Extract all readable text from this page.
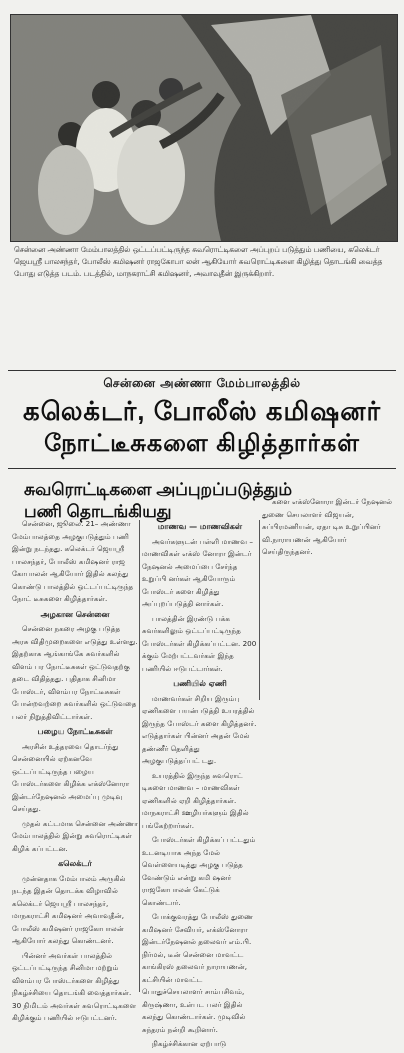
சென்னை அண்ணா மேம்பாலத்தில் ஒட்டப்பட்டிருந்த சுவரொட்டிகளை அப்புறப் படுத்தும் பணியை, கலெக்டர் ஜெயஸ்ரீ பாலசந்தர், போலீஸ் கமிஷனர் ராஜகோபா லன் ஆகியோர் சுவரொட்டிகளை கிழித்து தொடங்கி வைத்த போது எடுத்த படம். படத்தில், மாநகராட்சி கமிஷனர், அவாவுதீன் இருக்கிறார்.
சென்னை அண்ணா மேம்பாலத்தில்
கலெக்டர், போலீஸ் கமிஷனர்
நோட்டீசுகளை கிழித்தார்கள்
சுவரொட்டிகளை அப்புறப்படுத்தும்
பணி தொடங்கியது

சென்னை, ஜூலை. 21– அண்ணா மேம்பாலத்தை அழகுபடுத்தும் பணி இன்று நடந்தது. கலெக்டர் ஜெயஸ்ரீ பாலசந்தர், போலீஸ் கமிஷனர் ராஜ கோபாலன் ஆகியோர் இதில் கலந்து கொண்டு பாலத்தில் ஒட்டப்பட்டிருந்த நோட் டீசுகளை கிழித்தார்கள்.

அழகான சென்னை

சென்னை நகரை அழகு படுத்த அரசு விதிமுறைகளை எடுத்து உள்ளது. இதற்காக ஆங்காங்கே சுவர்களில் விளம் பர நோட்டீசுகள் ஒட்டுவதற்கு தடை விதித்தது. புதிதாக சினிமா போஸ்டர், விளம்பர நோட்டீசுகள் போன்றவற்றை சுவர்களில் ஒட்டுவதை பலர் நிறுத்திவிட்டார்கள்.

பழைய நோட்டீசுகள்

அரசின் உத்தரவை தொடர்ந்து சென்னையில் ஏற்கனவே ஒட்டப்பட்டிருந்த பழைய போஸ்டர்களை கிழிக்க எக்ஸ்னோரா இன்டர்நேஷனல் அமைப்பு முடிவு செய்தது.

முதல் கட்டமாக சென்னை அண்ணா மேம்பாலத்தில் இன்று சுவரொட்டிகள் கிழிக் கப்பட்டன.

கலெக்டர்

முன்னதாக மேம்பாலம் அருகில் நடந்த இதன் தொடக்க விழாவில் கலெக்டர் ஜெயஸ்ரீ பாலசந்தர், மாநகராட்சி கமிஷனர் அவாவுதீன், போலீஸ் கமிஷனர் ராஜகோபாலன் ஆகியோர் கலந்து கொண்டனர்.

பின்னர் அவர்கள் பாலத்தில் ஒட்டப்பட்டிருந்த சினிமா மற்றும் விளம்பர போஸ்டர்களை கிழித்து நிகழ்ச்சியை தொடங்கி வைத்தார்கள். 30 நிமிடம் அவர்கள் சுவரொட்டிகளை கிழிக்கும் பணியில் ஈடுபட்டனர்.

மாணவ — மாணவிகள்

அவர்களுடன் பள்ளி மாணவ – மாணவிகள் எக்ஸ் னோரா இன்டர் நேஷனல் அமைப்பை சேர்ந்த உறுப்பி னர்கள் ஆகியோரும் போஸ்டர் களை கிழித்து அப்புறப்படுத்தி னார்கள்.

பாலத்தின் இரண்டு பக்க சுவர்களிலும் ஒட்டப்பட்டிருந்த போஸ்டர்கள் கிழிக்கப்பட்டன. 200 க்கும் மேற்பட்டவர்கள் இந்த பணியில் ஈடுபட்டார்கள்.

பணியில் ஏணி

மாணவர்கள் சிறிய இரும்பு ஏணிகளை பயன்படுத்தி உயரத்தில் இருந்த போஸ்டர் களை கிழித்தனர். எடுத்தார்கள் பின்னர் அதன் மேல் தண்ணீர் தெளித்து அழகுபடுத்தப்பட் டது.

உயரத்தில் இருந்த சுவரொட் டிகளை மாணவ – மாணவிகள் ஏணிகளில் ஏறி கிழித்தார்கள். மாநகராட்சி ஊழியர்களும் இதில் பங்கேற்றார்கள்.

போஸ்டர்கள் கிழிக்கப் பட்டதும் உடனடியாக அந்த மேல் வெள்ளையடித்து அழகு படுத்த வேண்டும் என்று கமி ஷனர் ராஜகோபாலன் கேட்டுக் கொண்டார்.

போக்குவரத்து போலீஸ் துணை கமிஷனர் சேவியர், எக்ஸ்னோரா இன்டர்நேஷனல் தலைவர் எம்.பி. நிர்மல், டீன் சென்னை மாவட்ட காங்கிரஸ் தலைவர் நாராயணன், கட்சியின் மாவட்ட பொதுச்செயலாளர் சாம்பசிவம், கிருஷ்ணா, உள்பட பலர் இதில் கலந்து கொண்டார்கள். முடிவில் சுந்தரம் நன்றி கூறினார்.

நிகழ்ச்சிக்கான ஏற்பாடு

களை எக்ஸ்னோரா இன்டர் நேஷனல் துணை செயலாளர் விஜயன், சுப்பிரமணியன், ஏதா டிசு உறுப்பினர் வி.நாராயணன் ஆகியோர் செய்திருந்தனர்.
